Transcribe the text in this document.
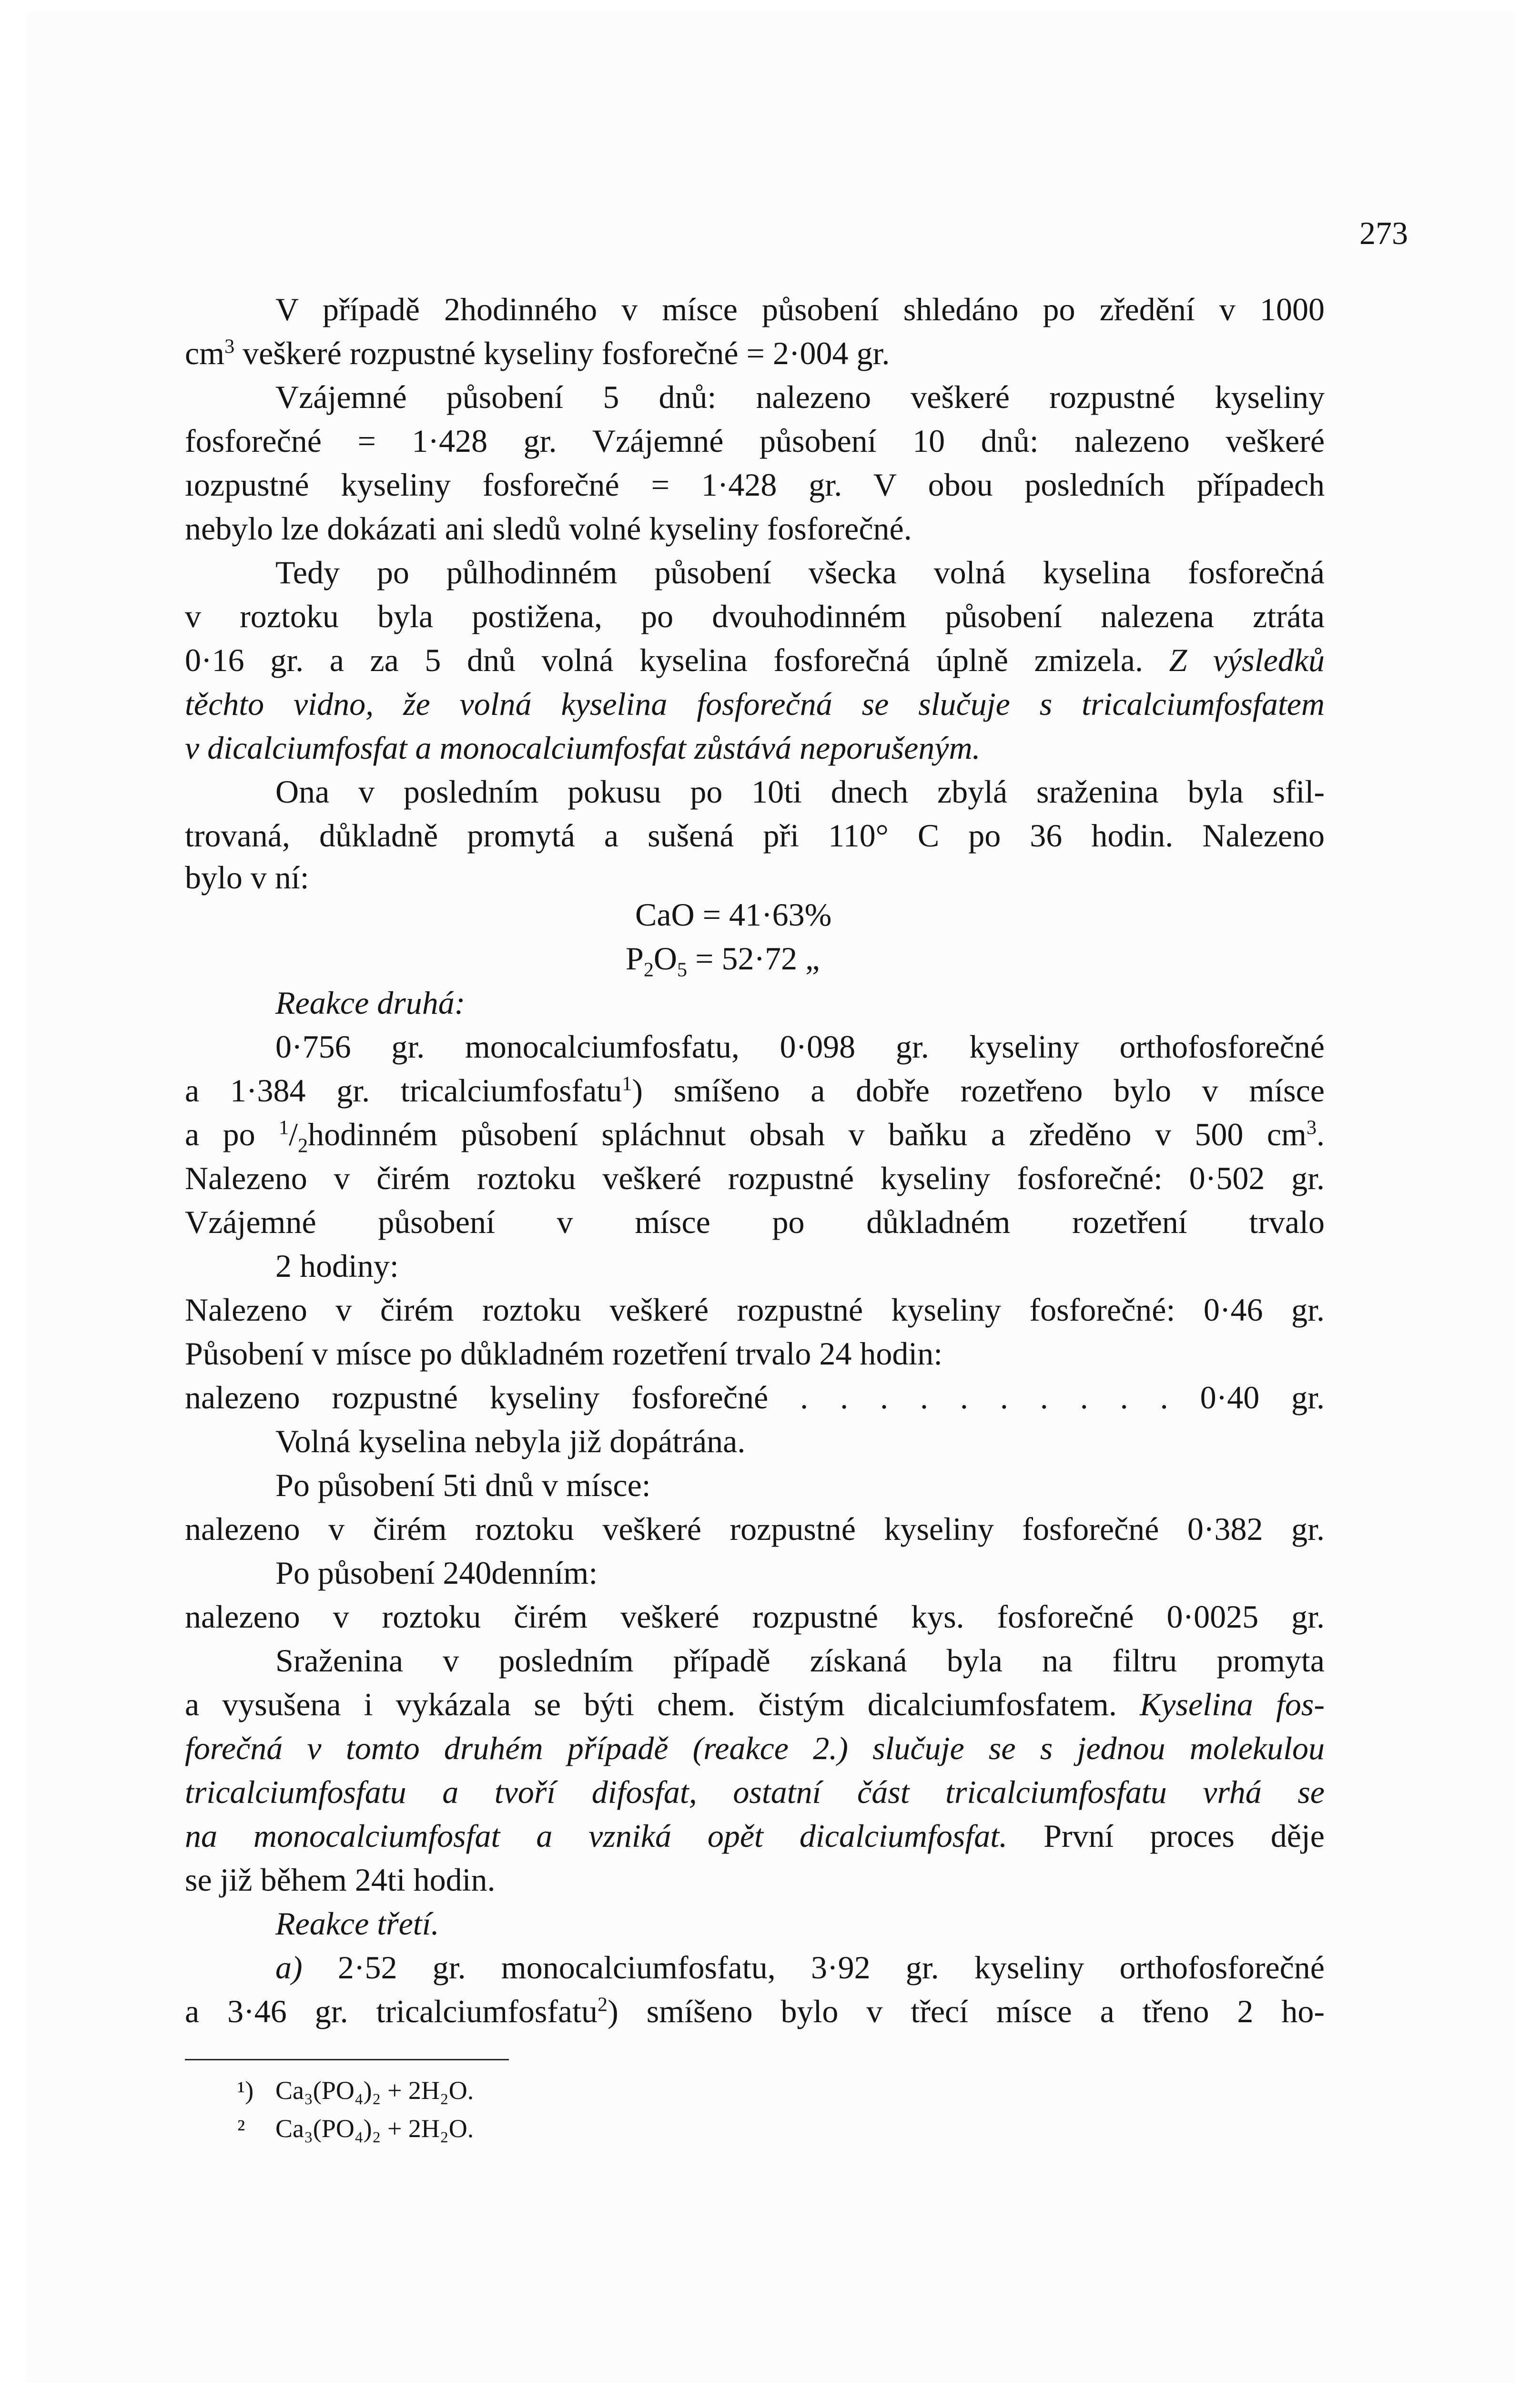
273
V případě 2hodinného v mísce působení shledáno po zředění v 1000
$cm^3$ veškeré rozpustné kyseliny fosforečné = 2·004 gr.
Vzájemné působení 5 dnů: nalezeno veškeré rozpustné kyseliny
fosforečné = 1·428 gr. Vzájemné působení 10 dnů: nalezeno veškeré
ıozpustné kyseliny fosforečné = 1·428 gr. V obou posledních případech
nebylo lze dokázati ani sledů volné kyseliny fosforečné.
Tedy po půlhodinném působení všecka volná kyselina fosforečná
v roztoku byla postižena, po dvouhodinném působení nalezena ztráta
0·16 gr. a za 5 dnů volná kyselina fosforečná úplně zmizela. Z výsledků
těchto vidno, že volná kyselina fosforečná se slučuje s tricalciumfosfatem
v dicalciumfosfat a monocalciumfosfat zůstává neporušeným.
Ona v posledním pokusu po 10ti dnech zbylá sraženina byla sfil-
trovaná, důkladně promytá a sušená při 110° C po 36 hodin. Nalezeno
bylo v ní:
CaO = 41·63%
$P_2O_5 = 52\cdot 72$ „
Reakce druhá:
0·756 gr. monocalciumfosfatu, 0·098 gr. kyseliny orthofosforečné
a 1·384 gr. tricalciumfosfatu$^1$) smíšeno a dobře rozetřeno bylo v mísce
a po $^1/_2hodinném$ působení spláchnut obsah v baňku a zředěno v 500 $cm^3$.
Nalezeno v čirém roztoku veškeré rozpustné kyseliny fosforečné: 0·502 gr.
Vzájemné působení v mísce po důkladném rozetření trvalo
2 hodiny:
Nalezeno v čirém roztoku veškeré rozpustné kyseliny fosforečné: 0·46 gr.
Působení v mísce po důkladném rozetření trvalo 24 hodin:
nalezeno rozpustné kyseliny fosforečné . . . . . . . . . . 0·40 gr.
Volná kyselina nebyla již dopátrána.
Po působení 5ti dnů v mísce:
nalezeno v čirém roztoku veškeré rozpustné kyseliny fosforečné 0·382 gr.
Po působení 240denním:
nalezeno v roztoku čirém veškeré rozpustné kys. fosforečné 0·0025 gr.
Sraženina v posledním případě získaná byla na filtru promyta
a vysušena i vykázala se býti chem. čistým dicalciumfosfatem. Kyselina fos-
forečná v tomto druhém případě (reakce 2.) slučuje se s jednou molekulou
tricalciumfosfatu a tvoří difosfat, ostatní část tricalciumfosfatu vrhá se
na monocalciumfosfat a vzniká opět dicalciumfosfat. První proces děje
se již během 24ti hodin.
Reakce třetí.
a) 2·52 gr. monocalciumfosfatu, 3·92 gr. kyseliny orthofosforečné
a 3·46 gr. tricalciumfosfatu$^2$) smíšeno bylo v třecí mísce a třeno 2 ho-
¹) Ca₃(PO₄)₂ + 2H₂O.
² Ca₃(PO₄)₂ + 2H₂O.
